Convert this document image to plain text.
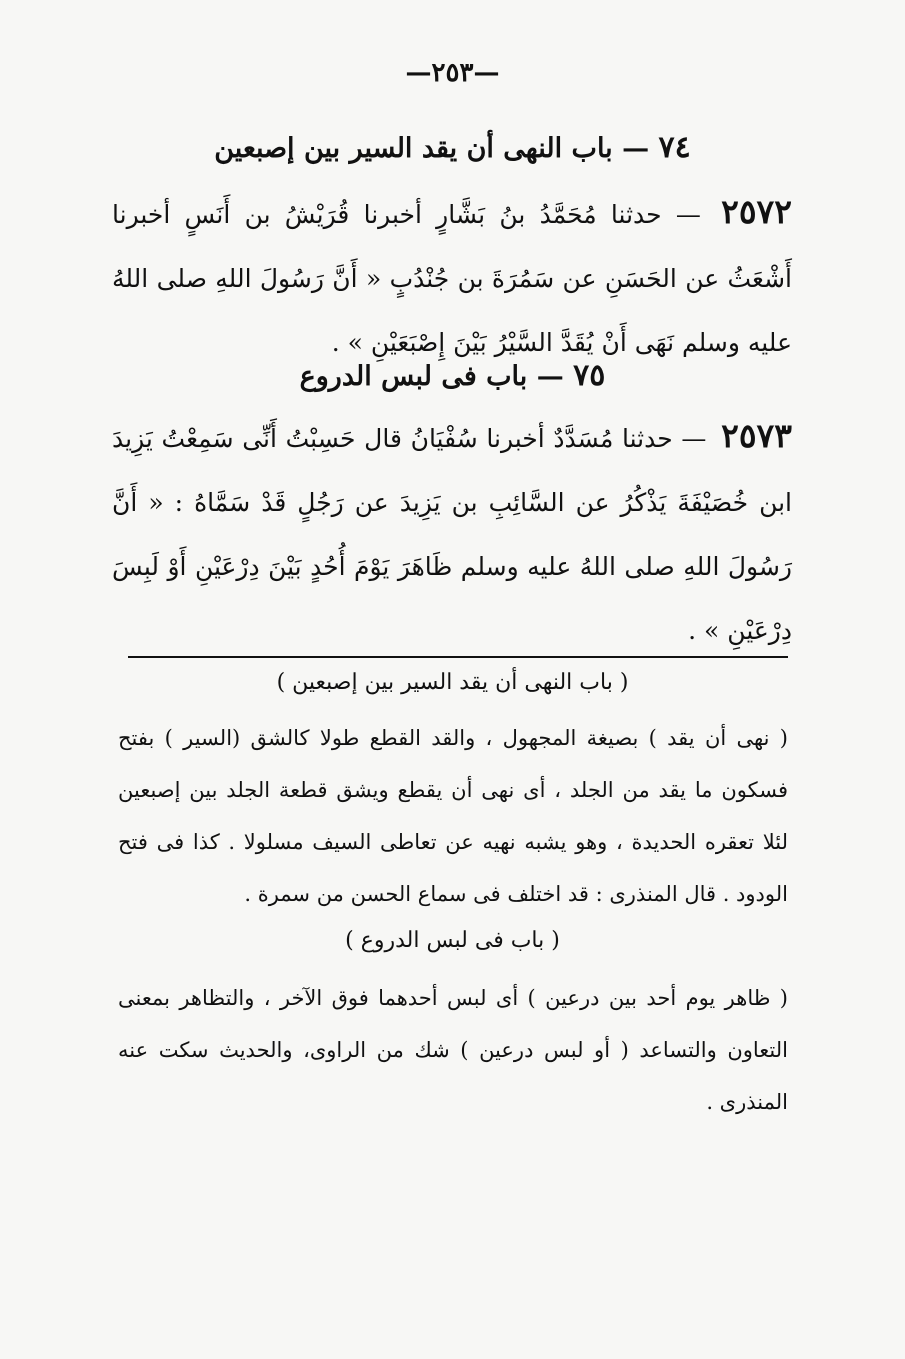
—٢٥٣—
٧٤ — باب النهى أن يقد السير بين إصبعين
٢٥٧٢ — حدثنا مُحَمَّدُ بنُ بَشَّارٍ أخبرنا قُرَيْشُ بن أَنَسٍ أخبرنا أَشْعَثُ عن الحَسَنِ عن سَمُرَةَ بن جُنْدُبٍ « أَنَّ رَسُولَ اللهِ صلى اللهُ عليه وسلم نَهَى أَنْ يُقَدَّ السَّيْرُ بَيْنَ إِصْبَعَيْنِ » .
٧٥ — باب فى لبس الدروع
٢٥٧٣ — حدثنا مُسَدَّدٌ أخبرنا سُفْيَانُ قال حَسِبْتُ أَنِّى سَمِعْتُ يَزِيدَ ابن خُصَيْفَةَ يَذْكُرُ عن السَّائِبِ بن يَزِيدَ عن رَجُلٍ قَدْ سَمَّاهُ : « أَنَّ رَسُولَ اللهِ صلى اللهُ عليه وسلم ظَاهَرَ يَوْمَ أُحُدٍ بَيْنَ دِرْعَيْنِ أَوْ لَبِسَ دِرْعَيْنِ » .
( باب النهى أن يقد السير بين إصبعين )
( نهى أن يقد ) بصيغة المجهول ، والقد القطع طولا كالشق (السير ) بفتح فسكون ما يقد من الجلد ، أى نهى أن يقطع ويشق قطعة الجلد بين إصبعين لئلا تعقره الحديدة ، وهو يشبه نهيه عن تعاطى السيف مسلولا . كذا فى فتح الودود . قال المنذرى : قد اختلف فى سماع الحسن من سمرة .
( باب فى لبس الدروع )
( ظاهر يوم أحد بين درعين ) أى لبس أحدهما فوق الآخر ، والتظاهر بمعنى التعاون والتساعد ( أو لبس درعين ) شك من الراوى، والحديث سكت عنه المنذرى .
